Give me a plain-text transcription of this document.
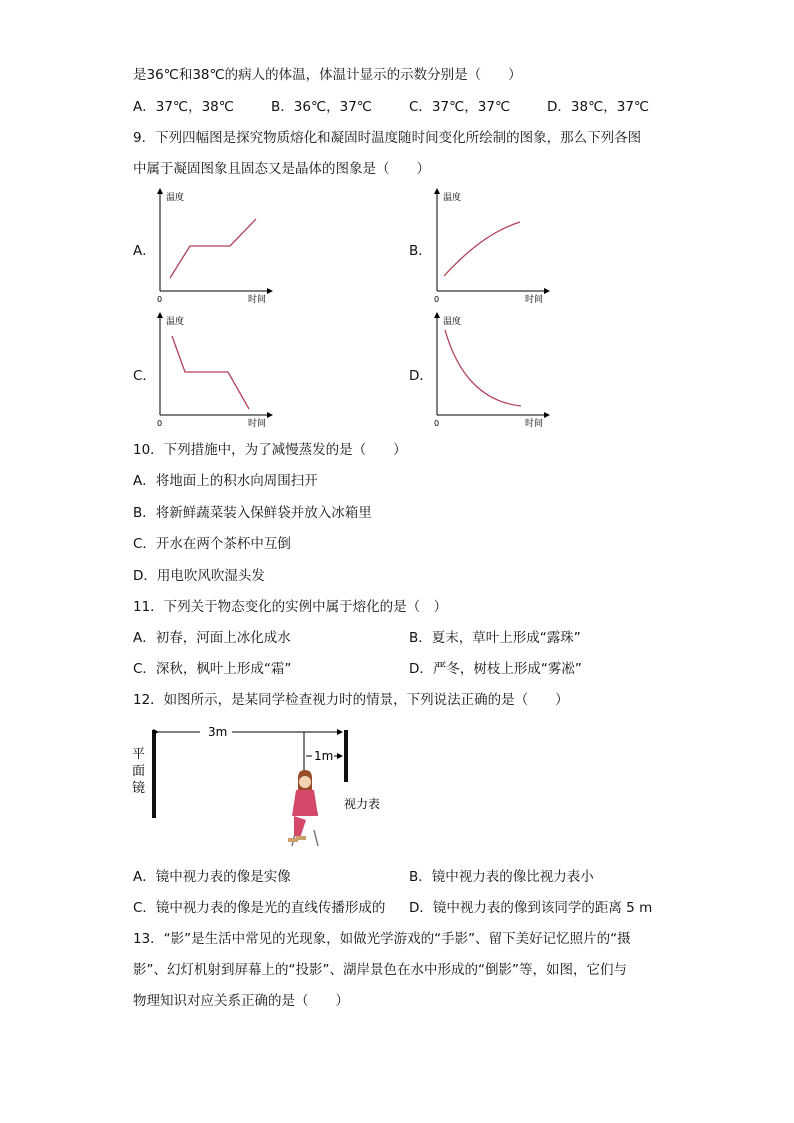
是36℃和38℃的病人的体温，体温计显示的示数分别是（　　）
A．37℃，38℃	B．36℃，37℃	C．37℃，37℃	D．38℃，37℃
9．下列四幅图是探究物质熔化和凝固时温度随时间变化所绘制的图象，那么下列各图
中属于凝固图象且固态又是晶体的图象是（　　）
A．
温度
0	时间
B．
温度
0	时间
C．
温度
0	时间
D．
温度
0	时间
10．下列措施中，为了减慢蒸发的是（　　）
A．将地面上的积水向周围扫开
B．将新鲜蔬菜装入保鲜袋并放入冰箱里
C．开水在两个茶杯中互倒
D．用电吹风吹湿头发
11．下列关于物态变化的实例中属于熔化的是（　）
A．初春，河面上冰化成水	B．夏末，草叶上形成“露珠”
C．深秋，枫叶上形成“霜”	D．严冬，树枝上形成“雾凇”
12．如图所示，是某同学检查视力时的情景，下列说法正确的是（　　）
平
面
镜
视力表
3m
1m
A．镜中视力表的像是实像	B．镜中视力表的像比视力表小
C．镜中视力表的像是光的直线传播形成的 D．镜中视力表的像到该同学的距离 5 m
13．“影”是生活中常见的光现象，如做光学游戏的“手影”、留下美好记忆照片的“摄
影”、幻灯机射到屏幕上的“投影”、湖岸景色在水中形成的“倒影”等，如图，它们与
物理知识对应关系正确的是（　　）
